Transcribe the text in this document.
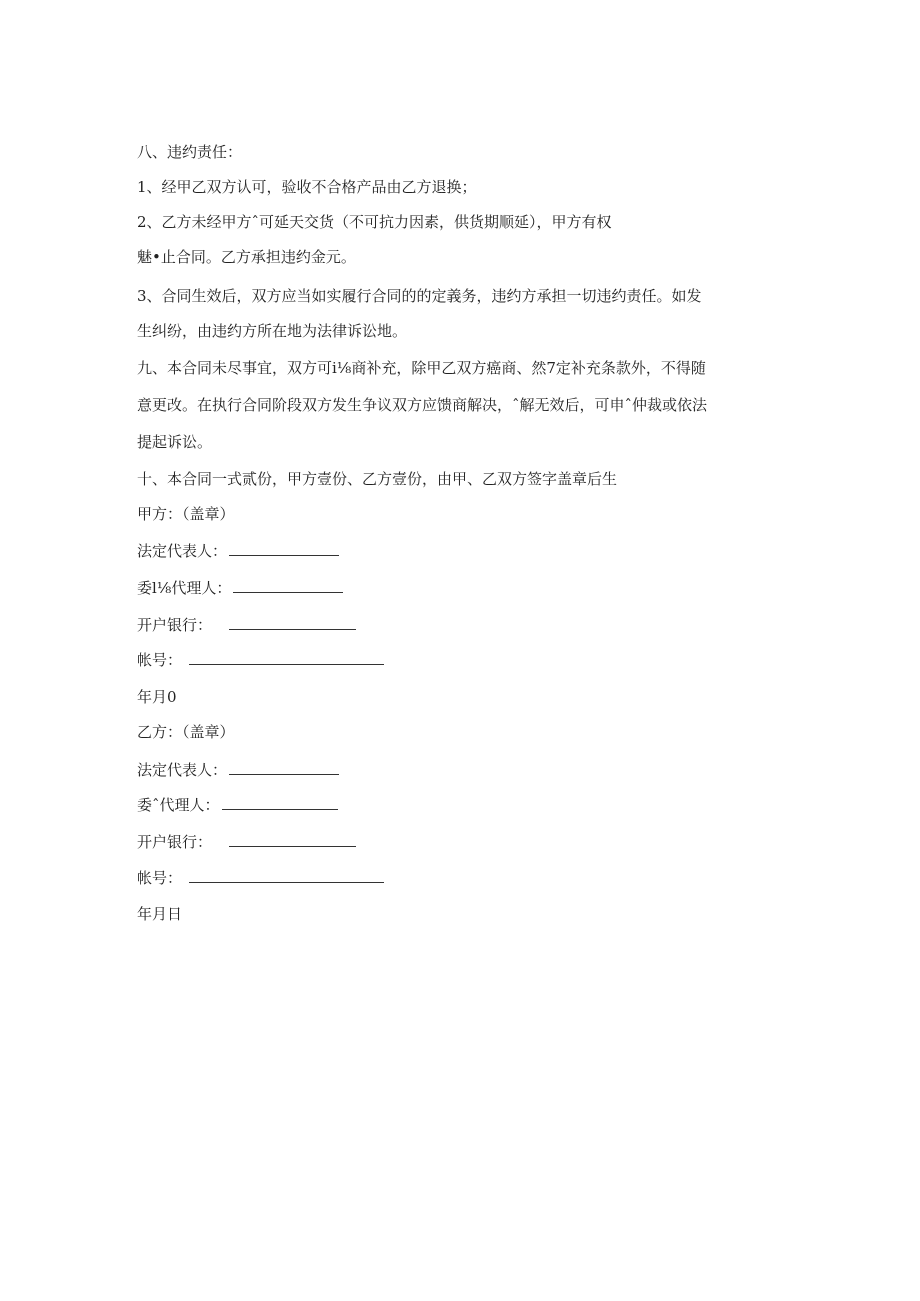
八、违约责任：
1、经甲乙双方认可，验收不合格产品由乙方退换；
2、乙方未经甲方ˆ可延天交货（不可抗力因素，供货期顺延），甲方有权
魅•止合同。乙方承担违约金元。
3、合同生效后，双方应当如实履行合同的的定義务，违约方承担一切违约责任。如发
生纠纷，由违约方所在地为法律诉讼地。
九、本合同未尽事宜，双方可i⅛商补充，除甲乙双方癌商、然7定补充条款外，不得随
意更改。在执行合同阶段双方发生争议双方应馈商解决，ˆ解无效后，可申ˆ仲裁或依法
提起诉讼。
十、本合同一式贰份，甲方壹份、乙方壹份，由甲、乙双方签字盖章后生
甲方：（盖章）
法定代表人：
委l⅛代理人：
开户银行：
帐号：
年月0
乙方：（盖章）
法定代表人：
委ˆ代理人：
开户银行：
帐号：
年月日
